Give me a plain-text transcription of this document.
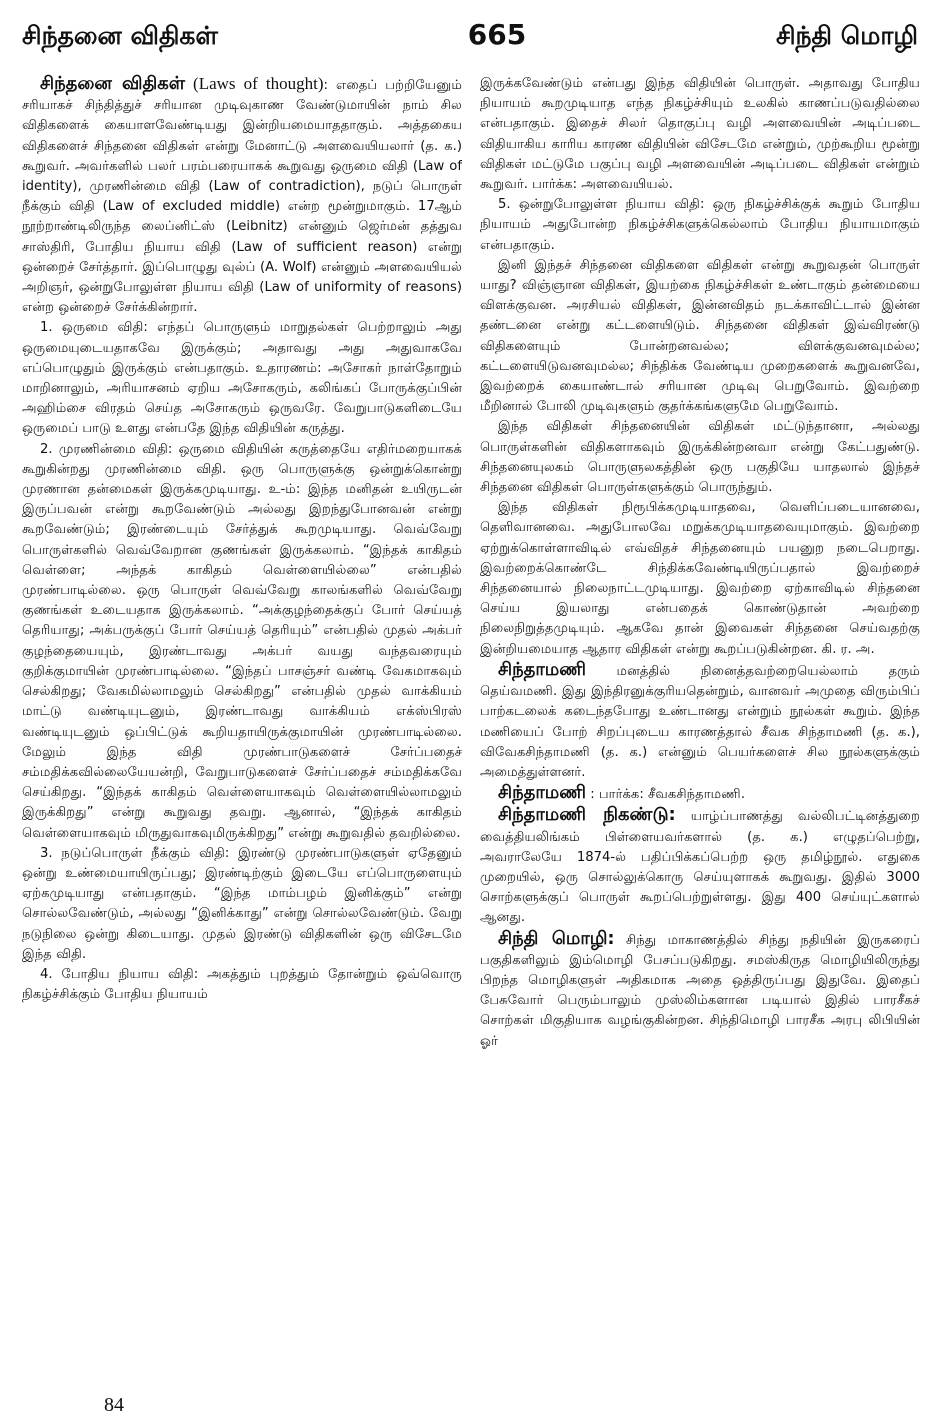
சிந்தனை விதிகள்	665	சிந்தி மொழி

சிந்தனை விதிகள் (Laws of thought): எதைப் பற்றியேனும் சரியாகச் சிந்தித்துச் சரியான முடிவுகாண வேண்டுமாயின் நாம் சில விதிகளைக் கையாளவேண்டியது இன்றியமையாததாகும். அத்தகைய விதிகளைச் சிந்தனை விதிகள் என்று மேனாட்டு அளவையியலார் (த. க.) கூறுவர். அவர்களில் பலர் பரம்பரையாகக் கூறுவது ஒருமை விதி (Law of identity), முரணின்மை விதி (Law of contradiction), நடுப் பொருள் நீக்கும் விதி (Law of excluded middle) என்ற மூன்றுமாகும். 17ஆம் நூற்றாண்டிலிருந்த லைப்னிட்ஸ் (Leibnitz) என்னும் ஜெர்மன் தத்துவ சாஸ்திரி, போதிய நியாய விதி (Law of sufficient reason) என்று ஒன்றைச் சேர்த்தார். இப்பொழுது வுல்ப் (A. Wolf) என்னும் அளவையியல் அறிஞர், ஒன்றுபோலுள்ள நியாய விதி (Law of uniformity of reasons) என்ற ஒன்றைச் சேர்க்கின்றார்.

1. ஒருமை விதி: எந்தப் பொருளும் மாறுதல்கள் பெற்றாலும் அது ஒருமையுடையதாகவே இருக்கும்; அதாவது அது அதுவாகவே எப்பொழுதும் இருக்கும் என்பதாகும். உதாரணம்: அசோகர் நாள்தோறும் மாறினாலும், அரியாசனம் ஏறிய அசோகரும், கலிங்கப் போருக்குப்பின் அஹிம்சை விரதம் செய்த அசோகரும் ஒருவரே. வேறுபாடுகளிடையே ஒருமைப் பாடு உளது என்பதே இந்த விதியின் கருத்து.

2. முரணின்மை விதி: ஒருமை விதியின் கருத்தையே எதிர்மறையாகக் கூறுகின்றது முரணின்மை விதி. ஒரு பொருளுக்கு ஒன்றுக்கொன்று முரணான தன்மைகள் இருக்கமுடியாது. உ-ம்: இந்த மனிதன் உயிருடன் இருப்பவன் என்று கூறவேண்டும் அல்லது இறந்துபோனவன் என்று கூறவேண்டும்; இரண்டையும் சேர்த்துக் கூறமுடியாது. வெவ்வேறு பொருள்களில் வெவ்வேறான குணங்கள் இருக்கலாம். “இந்தக் காகிதம் வெள்ளை; அந்தக் காகிதம் வெள்ளையில்லை” என்பதில் முரண்பாடில்லை. ஒரு பொருள் வெவ்வேறு காலங்களில் வெவ்வேறு குணங்கள் உடையதாக இருக்கலாம். “அக்குழந்தைக்குப் போர் செய்யத் தெரியாது; அக்பருக்குப் போர் செய்யத் தெரியும்” என்பதில் முதல் அக்பர் குழந்தையையும், இரண்டாவது அக்பர் வயது வந்தவரையும் குறிக்குமாயின் முரண்பாடில்லை. “இந்தப் பாசஞ்சர் வண்டி வேகமாகவும் செல்கிறது; வேகமில்லாமலும் செல்கிறது” என்பதில் முதல் வாக்கியம் மாட்டு வண்டியுடனும், இரண்டாவது வாக்கியம் எக்ஸ்பிரஸ் வண்டியுடனும் ஒப்பிட்டுக் கூறியதாயிருக்குமாயின் முரண்பாடில்லை. மேலும் இந்த விதி முரண்பாடுகளைச் சேர்ப்பதைச் சம்மதிக்கவில்லையேயன்றி, வேறுபாடுகளைச் சேர்ப்பதைச் சம்மதிக்கவே செய்கிறது. “இந்தக் காகிதம் வெள்ளையாகவும் வெள்ளையில்லாமலும் இருக்கிறது” என்று கூறுவது தவறு. ஆனால், “இந்தக் காகிதம் வெள்ளையாகவும் மிருதுவாகவுமிருக்கிறது” என்று கூறுவதில் தவறில்லை.

3. நடுப்பொருள் நீக்கும் விதி: இரண்டு முரண்பாடுகளுள் ஏதேனும் ஒன்று உண்மையாயிருப்பது; இரண்டிற்கும் இடையே எப்பொருளையும் ஏற்கமுடியாது என்பதாகும். “இந்த மாம்பழம் இனிக்கும்” என்று சொல்லவேண்டும், அல்லது “இனிக்காது” என்று சொல்லவேண்டும். வேறு நடுநிலை ஒன்று கிடையாது. முதல் இரண்டு விதிகளின் ஒரு விசேடமே இந்த விதி.

4. போதிய நியாய விதி: அகத்தும் புறத்தும் தோன்றும் ஒவ்வொரு நிகழ்ச்சிக்கும் போதிய நியாயம்

இருக்கவேண்டும் என்பது இந்த விதியின் பொருள். அதாவது போதிய நியாயம் கூறமுடியாத எந்த நிகழ்ச்சியும் உலகில் காணப்படுவதில்லை என்பதாகும். இதைச் சிலர் தொகுப்பு வழி அளவையின் அடிப்படை விதியாகிய காரிய காரண விதியின் விசேடமே என்றும், முற்கூறிய மூன்று விதிகள் மட்டுமே பகுப்பு வழி அளவையின் அடிப்படை விதிகள் என்றும் கூறுவர். பார்க்க: அளவையியல்.

5. ஒன்றுபோலுள்ள நியாய விதி: ஒரு நிகழ்ச்சிக்குக் கூறும் போதிய நியாயம் அதுபோன்ற நிகழ்ச்சிகளுக்கெல்லாம் போதிய நியாயமாகும் என்பதாகும்.

இனி இந்தச் சிந்தனை விதிகளை விதிகள் என்று கூறுவதன் பொருள் யாது? விஞ்ஞான விதிகள், இயற்கை நிகழ்ச்சிகள் உண்டாகும் தன்மையை விளக்குவன. அரசியல் விதிகள், இன்னவிதம் நடக்காவிட்டால் இன்ன தண்டனை என்று கட்டளையிடும். சிந்தனை விதிகள் இவ்விரண்டு விதிகளையும் போன்றனவல்ல; விளக்குவனவுமல்ல; கட்டளையிடுவனவுமல்ல; சிந்திக்க வேண்டிய முறைகளைக் கூறுவனவே, இவற்றைக் கையாண்டால் சரியான முடிவு பெறுவோம். இவற்றை மீறினால் போலி முடிவுகளும் குதர்க்கங்களுமே பெறுவோம்.

இந்த விதிகள் சிந்தனையின் விதிகள் மட்டுந்தானா, அல்லது பொருள்களின் விதிகளாகவும் இருக்கின்றனவா என்று கேட்பதுண்டு. சிந்தனையுலகம் பொருளுலகத்தின் ஒரு பகுதியே யாதலால் இந்தச் சிந்தனை விதிகள் பொருள்களுக்கும் பொருந்தும்.

இந்த விதிகள் நிரூபிக்கமுடியாதவை, வெளிப்படையானவை, தெளிவானவை. அதுபோலவே மறுக்கமுடியாதவையுமாகும். இவற்றை ஏற்றுக்கொள்ளாவிடில் எவ்விதச் சிந்தனையும் பயனுற நடைபெறாது. இவற்றைக்கொண்டே சிந்திக்கவேண்டியிருப்பதால் இவற்றைச் சிந்தனையால் நிலைநாட்டமுடியாது. இவற்றை ஏற்காவிடில் சிந்தனை செய்ய இயலாது என்பதைக் கொண்டுதான் அவற்றை நிலைநிறுத்தமுடியும். ஆகவே தான் இவைகள் சிந்தனை செய்வதற்கு இன்றியமையாத ஆதார விதிகள் என்று கூறப்படுகின்றன. கி. ர. அ.

சிந்தாமணி மனத்தில் நினைத்தவற்றையெல்லாம் தரும் தெய்வமணி. இது இந்திரனுக்குரியதென்றும், வானவர் அமுதை விரும்பிப் பாற்கடலைக் கடைந்தபோது உண்டானது என்றும் நூல்கள் கூறும். இந்த மணியைப் போற் சிறப்புடைய காரணத்தால் சீவக சிந்தாமணி (த. க.), விவேகசிந்தாமணி (த. க.) என்னும் பெயர்களைச் சில நூல்களுக்கும் அமைத்துள்ளனர்.

சிந்தாமணி : பார்க்க: சீவகசிந்தாமணி.

சிந்தாமணி நிகண்டு: யாழ்ப்பாணத்து வல்லிபட்டினத்துறை வைத்தியலிங்கம் பிள்ளையவர்களால் (த. க.) எழுதப்பெற்று, அவராலேயே 1874-ல் பதிப்பிக்கப்பெற்ற ஒரு தமிழ்நூல். எதுகை முறையில், ஒரு சொல்லுக்கொரு செய்யுளாகக் கூறுவது. இதில் 3000 சொற்களுக்குப் பொருள் கூறப்பெற்றுள்ளது. இது 400 செய்யுட்களால் ஆனது.

சிந்தி மொழி: சிந்து மாகாணத்தில் சிந்து நதியின் இருகரைப் பகுதிகளிலும் இம்மொழி பேசப்படுகிறது. சமஸ்கிருத மொழியிலிருந்து பிறந்த மொழிகளுள் அதிகமாக அதை ஒத்திருப்பது இதுவே. இதைப் பேசுவோர் பெரும்பாலும் முஸ்லிம்களான படியால் இதில் பாரசீகச் சொற்கள் மிகுதியாக வழங்குகின்றன. சிந்திமொழி பாரசீக அரபு லிபியின் ஓர்

84
